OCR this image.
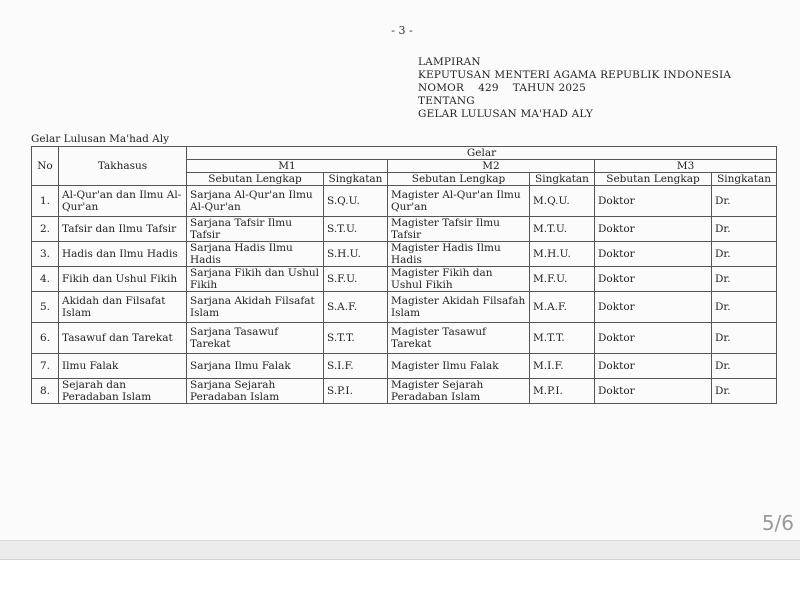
- 3 -
LAMPIRAN
KEPUTUSAN MENTERI AGAMA REPUBLIK INDONESIA
NOMOR 429 TAHUN 2025
TENTANG
GELAR LULUSAN MA'HAD ALY
Gelar Lulusan Ma'had Aly
No	Takhasus	Gelar					
		M1		M2		M3	
		Sebutan Lengkap	Singkatan	Sebutan Lengkap	Singkatan	Sebutan Lengkap	Singkatan
1.	Al-Qur'an dan Ilmu Al-Qur'an	Sarjana Al-Qur'an Ilmu Al-Qur'an	S.Q.U.	Magister Al-Qur'an Ilmu Qur'an	M.Q.U.	Doktor	Dr.
2.	Tafsir dan Ilmu Tafsir	Sarjana Tafsir Ilmu Tafsir	S.T.U.	Magister Tafsir Ilmu Tafsir	M.T.U.	Doktor	Dr.
3.	Hadis dan Ilmu Hadis	Sarjana Hadis Ilmu Hadis	S.H.U.	Magister Hadis Ilmu Hadis	M.H.U.	Doktor	Dr.
4.	Fikih dan Ushul Fikih	Sarjana Fikih dan Ushul Fikih	S.F.U.	Magister Fikih dan Ushul Fikih	M.F.U.	Doktor	Dr.
5.	Akidah dan Filsafat Islam	Sarjana Akidah Filsafat Islam	S.A.F.	Magister Akidah Filsafah Islam	M.A.F.	Doktor	Dr.
6.	Tasawuf dan Tarekat	Sarjana Tasawuf Tarekat	S.T.T.	Magister Tasawuf Tarekat	M.T.T.	Doktor	Dr.
7.	Ilmu Falak	Sarjana Ilmu Falak	S.I.F.	Magister Ilmu Falak	M.I.F.	Doktor	Dr.
8.	Sejarah dan Peradaban Islam	Sarjana Sejarah Peradaban Islam	S.P.I.	Magister Sejarah Peradaban Islam	M.P.I.	Doktor	Dr.
5/6
